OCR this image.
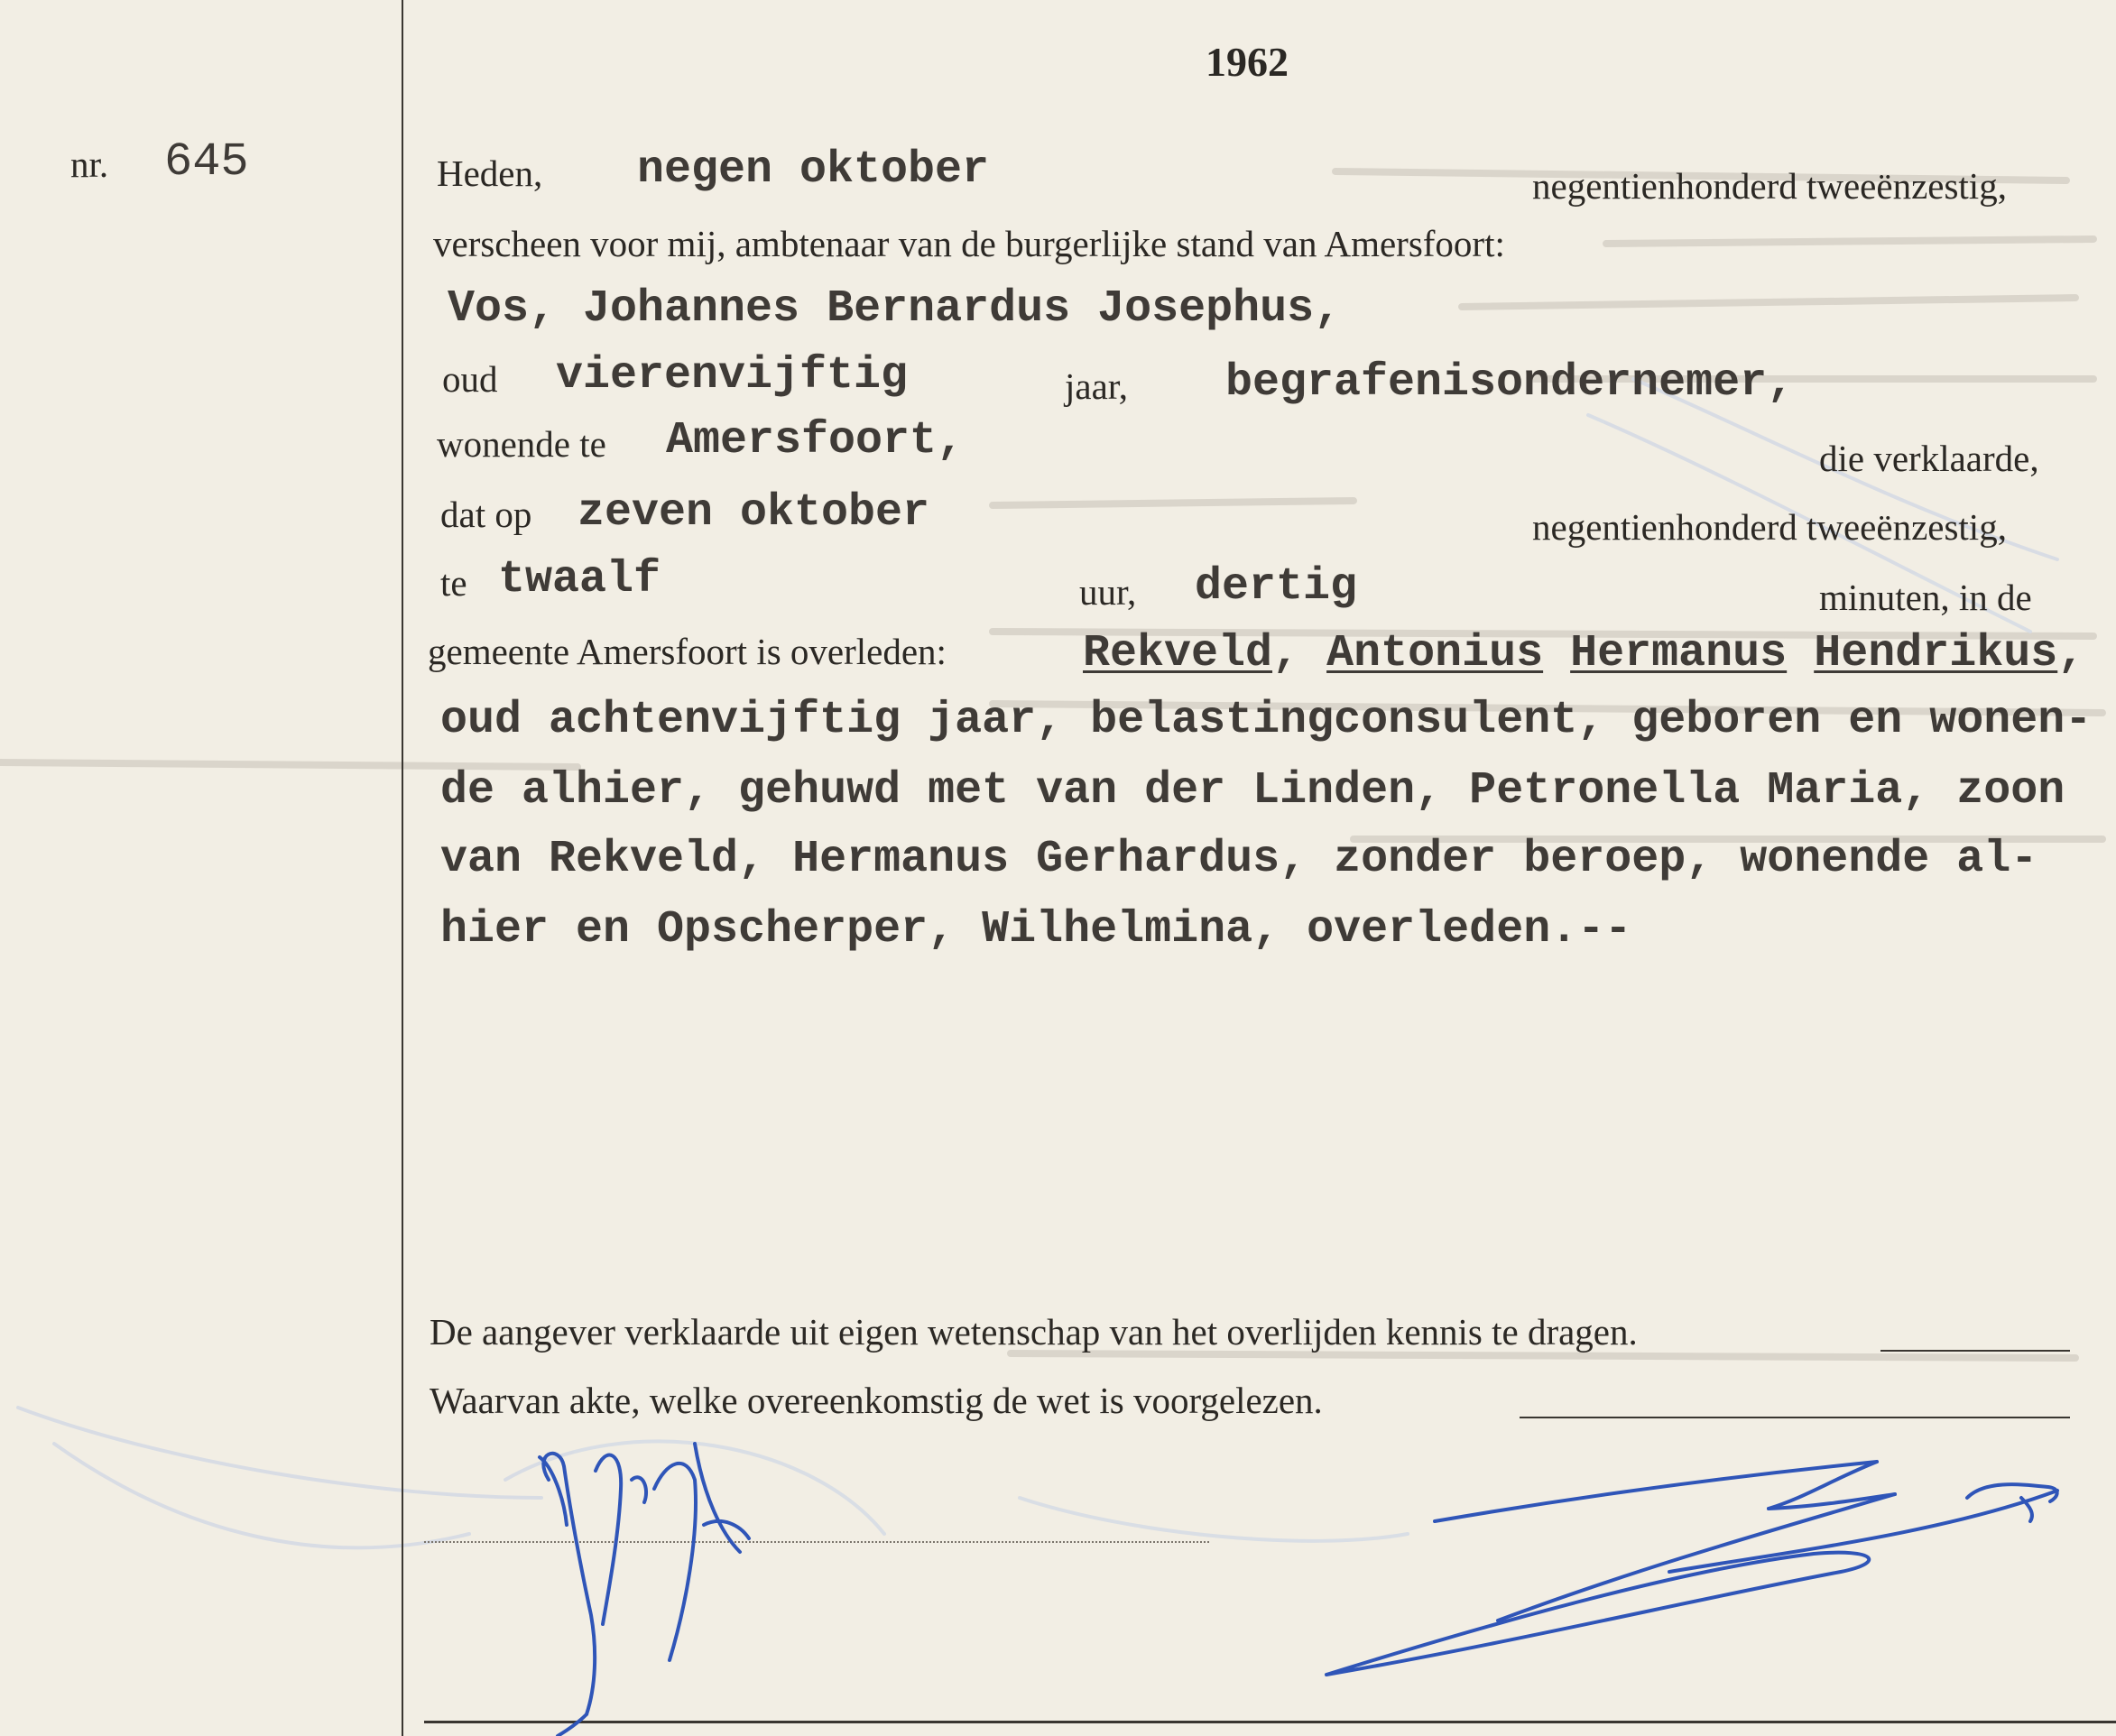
1962
nr. 645	Heden, negen oktober	negentienhonderd tweeënzestig,
verscheen voor mij, ambtenaar van de burgerlijke stand van Amersfoort:
Vos, Johannes Bernardus Josephus,
oud vierenvijftig	jaar, begrafenisondernemer,
wonende te Amersfoort,	die verklaarde,
dat op zeven oktober	negentienhonderd tweeënzestig,
te twaalf	uur, dertig	minuten, in de
gemeente Amersfoort is overleden:	Rekveld, Antonius Hermanus Hendrikus,
oud achtenvijftig jaar, belastingconsulent, geboren en wonen-
de alhier, gehuwd met van der Linden, Petronella Maria, zoon
van Rekveld, Hermanus Gerhardus, zonder beroep, wonende al-
hier en Opscherper, Wilhelmina, overleden.--
De aangever verklaarde uit eigen wetenschap van het overlijden kennis te dragen.
Waarvan akte, welke overeenkomstig de wet is voorgelezen.
